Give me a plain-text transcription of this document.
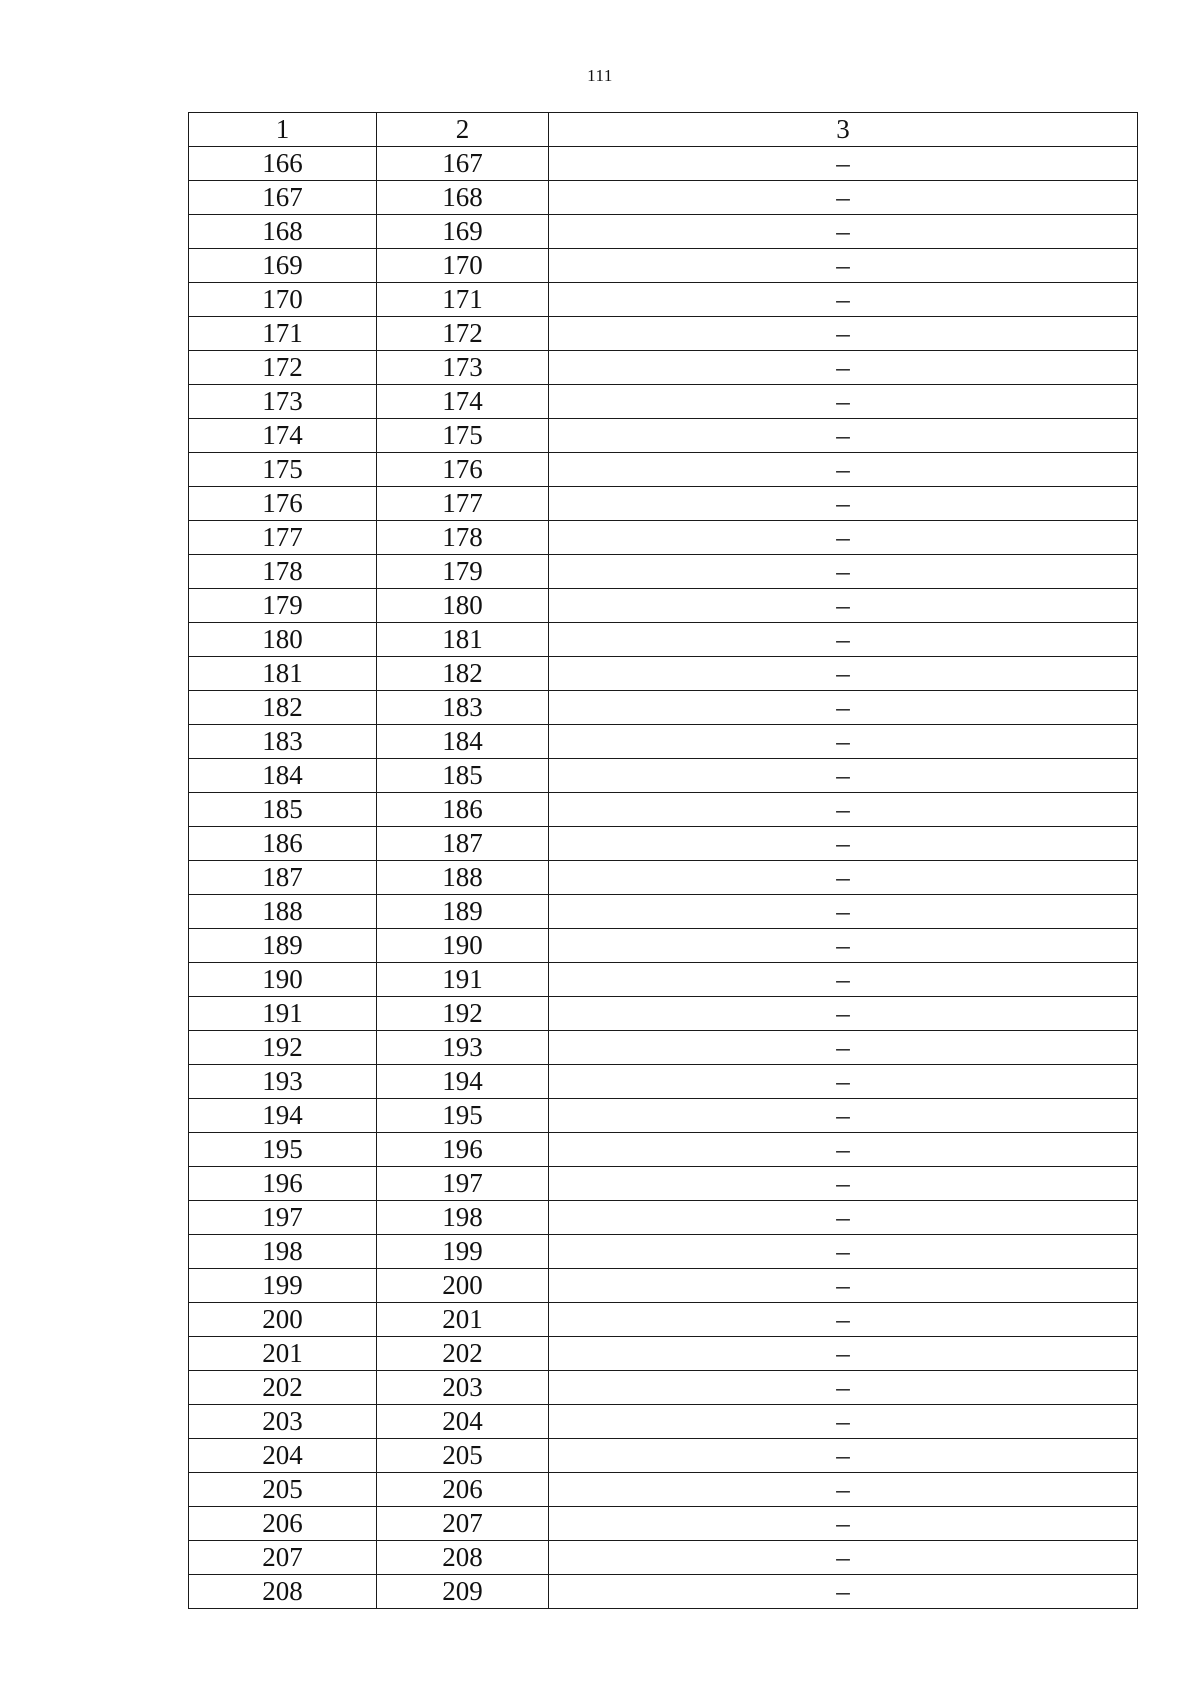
111
1	2	3
166	167	–
167	168	–
168	169	–
169	170	–
170	171	–
171	172	–
172	173	–
173	174	–
174	175	–
175	176	–
176	177	–
177	178	–
178	179	–
179	180	–
180	181	–
181	182	–
182	183	–
183	184	–
184	185	–
185	186	–
186	187	–
187	188	–
188	189	–
189	190	–
190	191	–
191	192	–
192	193	–
193	194	–
194	195	–
195	196	–
196	197	–
197	198	–
198	199	–
199	200	–
200	201	–
201	202	–
202	203	–
203	204	–
204	205	–
205	206	–
206	207	–
207	208	–
208	209	–
